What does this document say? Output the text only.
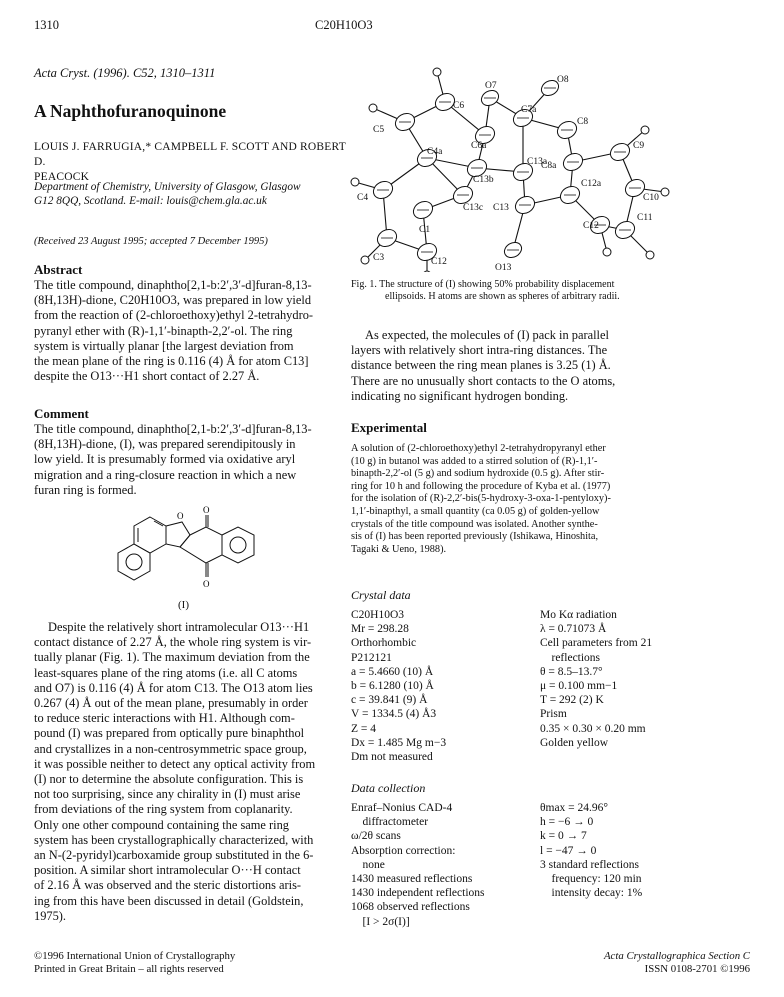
1310	C20H10O3
Acta Cryst. (1996). C52, 1310–1311
A Naphthofuranoquinone
LOUIS J. FARRUGIA,* CAMPBELL F. SCOTT AND ROBERT D.
PEACOCK
Department of Chemistry, University of Glasgow, Glasgow
G12 8QQ, Scotland. E-mail: louis@chem.gla.ac.uk
(Received 23 August 1995; accepted 7 December 1995)

Abstract

The title compound, dinaphtho[2,1-b:2′,3′-d]furan-8,13-
(8H,13H)-dione, C20H10O3, was prepared in low yield
from the reaction of (2-chloroethoxy)ethyl 2-tetrahydro-
pyranyl ether with (R)-1,1′-binapth-2,2′-ol. The ring
system is virtually planar [the largest deviation from
the mean plane of the ring is 0.116 (4) Å for atom C13]
despite the O13···H1 short contact of 2.27 Å.

Comment

The title compound, dinaphtho[2,1-b:2′,3′-d]furan-8,13-
(8H,13H)-dione, (I), was prepared serendipitously in
low yield. It is presumably formed via oxidative aryl
migration and a ring-closure reaction in which a new
furan ring is formed.
O
O
O
(I)
Despite the relatively short intramolecular O13···H1
contact distance of 2.27 Å, the whole ring system is vir-
tually planar (Fig. 1). The maximum deviation from the
least-squares plane of the ring atoms (i.e. all C atoms
and O7) is 0.116 (4) Å for atom C13. The O13 atom lies
0.267 (4) Å out of the mean plane, presumably in order
to reduce steric interactions with H1. Although com-
pound (I) was prepared from optically pure binaphthol
and crystallizes in a non-centrosymmetric space group,
it was possible neither to detect any optical activity from
(I) nor to determine the absolute configuration. This is
not too surprising, since any chirality in (I) must arise
from deviations of the ring system from coplanarity.
Only one other compound containing the same ring
system has been crystallographically characterized, with
an N-(2-pyridyl)carboxamide group substituted in the 6-
position. A similar short intramolecular O···H contact
of 2.16 Å was observed and the steric distortions aris-
ing from this have been discussed in detail (Goldstein,
1975).
C6
O7
O8
C7a
C5
C6a
C8
C4a
C8a
C9
C13b
C13a
C13c
C4
C12a
C10
C13
C1	C12
C3
C11
O13
C12
Fig. 1. The structure of (I) showing 50% probability displacement
ellipsoids. H atoms are shown as spheres of arbitrary radii.
As expected, the molecules of (I) pack in parallel
layers with relatively short intra-ring distances. The
distance between the ring mean planes is 3.25 (1) Å.
There are no unusually short contacts to the O atoms,
indicating no significant hydrogen bonding.

Experimental

A solution of (2-chloroethoxy)ethyl 2-tetrahydropyranyl ether
(10 g) in butanol was added to a stirred solution of (R)-1,1′-
binapth-2,2′-ol (5 g) and sodium hydroxide (0.5 g). After stir-
ring for 10 h and following the procedure of Kyba et al. (1977)
for the isolation of (R)-2,2′-bis(5-hydroxy-3-oxa-1-pentyloxy)-
1,1′-binapthyl, a small quantity (ca 0.05 g) of golden-yellow
crystals of the title compound was isolated. Another synthe-
sis of (I) has been reported previously (Ishikawa, Hinoshita,
Tagaki & Ueno, 1988).
Crystal data
C20H10O3
Mr = 298.28
Orthorhombic
P212121
a = 5.4660 (10) Å
b = 6.1280 (10) Å
c = 39.841 (9) Å
V = 1334.5 (4) Å3
Z = 4
Dx = 1.485 Mg m−3
Dm not measured
Mo Kα radiation
λ = 0.71073 Å
Cell parameters from 21
reflections
θ = 8.5–13.7°
μ = 0.100 mm−1
T = 292 (2) K
Prism
0.35 × 0.30 × 0.20 mm
Golden yellow
Data collection
Enraf–Nonius CAD-4
diffractometer
ω/2θ scans
Absorption correction:
none
1430 measured reflections
1430 independent reflections
1068 observed reflections
[I > 2σ(I)]
θmax = 24.96°
h = −6 → 0
k = 0 → 7
l = −47 → 0
3 standard reflections
frequency: 120 min
intensity decay: 1%
©1996 International Union of Crystallography
Printed in Great Britain – all rights reserved
Acta Crystallographica Section C
ISSN 0108-2701 ©1996
